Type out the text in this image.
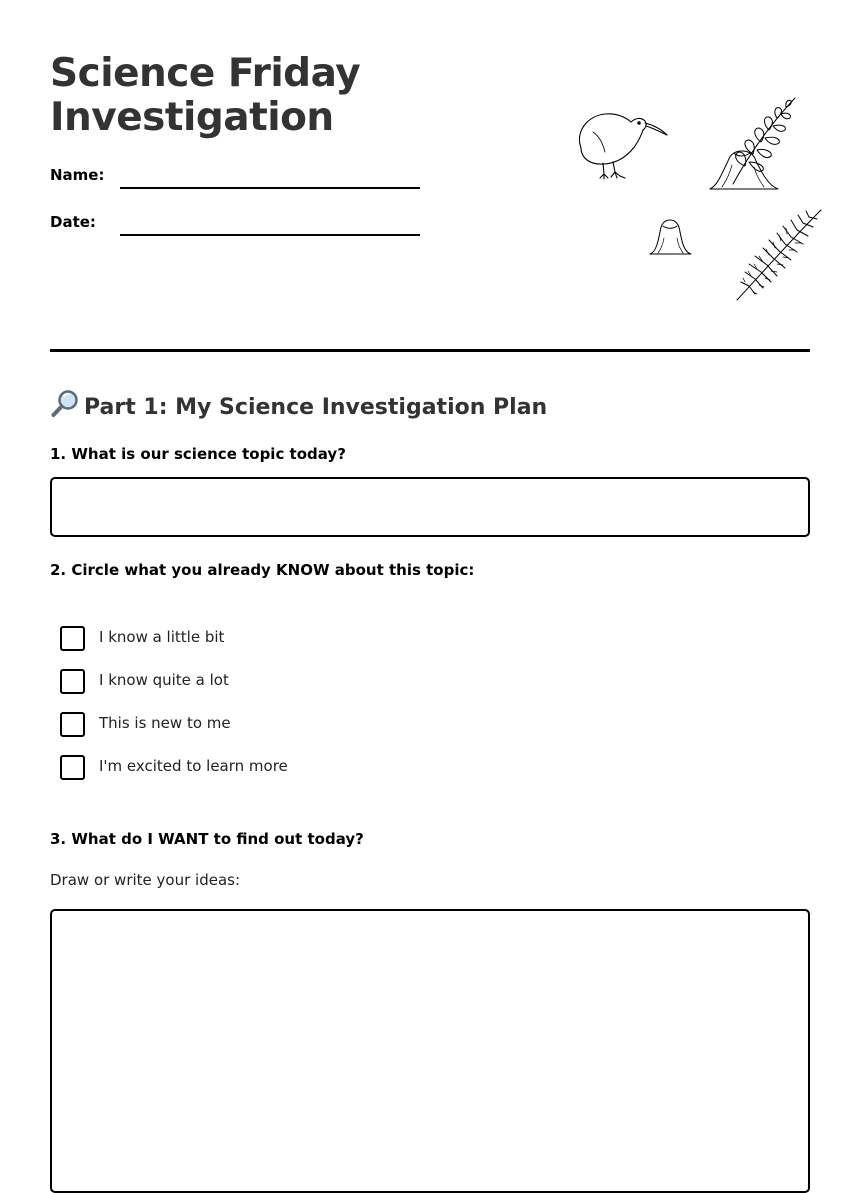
Science Friday
Investigation
Name:
Date:
Part 1: My Science Investigation Plan

1. What is our science topic today?

2. Circle what you already KNOW about this topic:

I know a little bit
I know quite a lot
This is new to me
I'm excited to learn more

3. What do I WANT to find out today?

Draw or write your ideas:
